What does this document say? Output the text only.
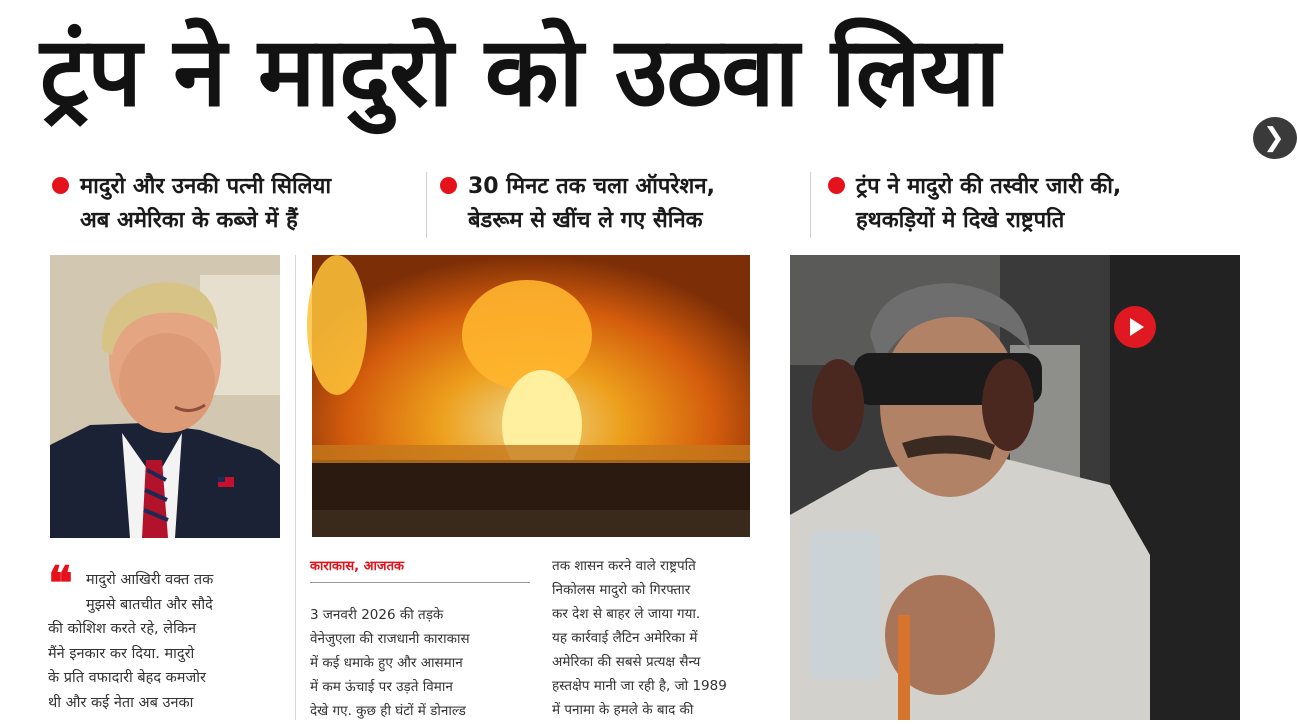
ट्रंप ने मादुरो को उठवा लिया
❯
मादुरो और उनकी पत्नी सिलिया
अब अमेरिका के कब्जे में हैं
30 मिनट तक चला ऑपरेशन,
बेडरूम से खींच ले गए सैनिक
ट्रंप ने मादुरो की तस्वीर जारी की,
हथकड़ियों मे दिखे राष्ट्रपति
❝ मादुरो आखिरी वक्त तक
मुझसे बातचीत और सौदे
की कोशिश करते रहे, लेकिन
मैंने इनकार कर दिया. मादुरो
के प्रति वफादारी बेहद कमजोर
थी और कई नेता अब उनका
काराकास, आजतक
3 जनवरी 2026 की तड़के
वेनेजुएला की राजधानी काराकास
में कई धमाके हुए और आसमान
में कम ऊंचाई पर उड़ते विमान
देखे गए. कुछ ही घंटों में डोनाल्ड
तक शासन करने वाले राष्ट्रपति
निकोलस मादुरो को गिरफ्तार
कर देश से बाहर ले जाया गया.
यह कार्रवाई लैटिन अमेरिका में
अमेरिका की सबसे प्रत्यक्ष सैन्य
हस्तक्षेप मानी जा रही है, जो 1989
में पनामा के हमले के बाद की
